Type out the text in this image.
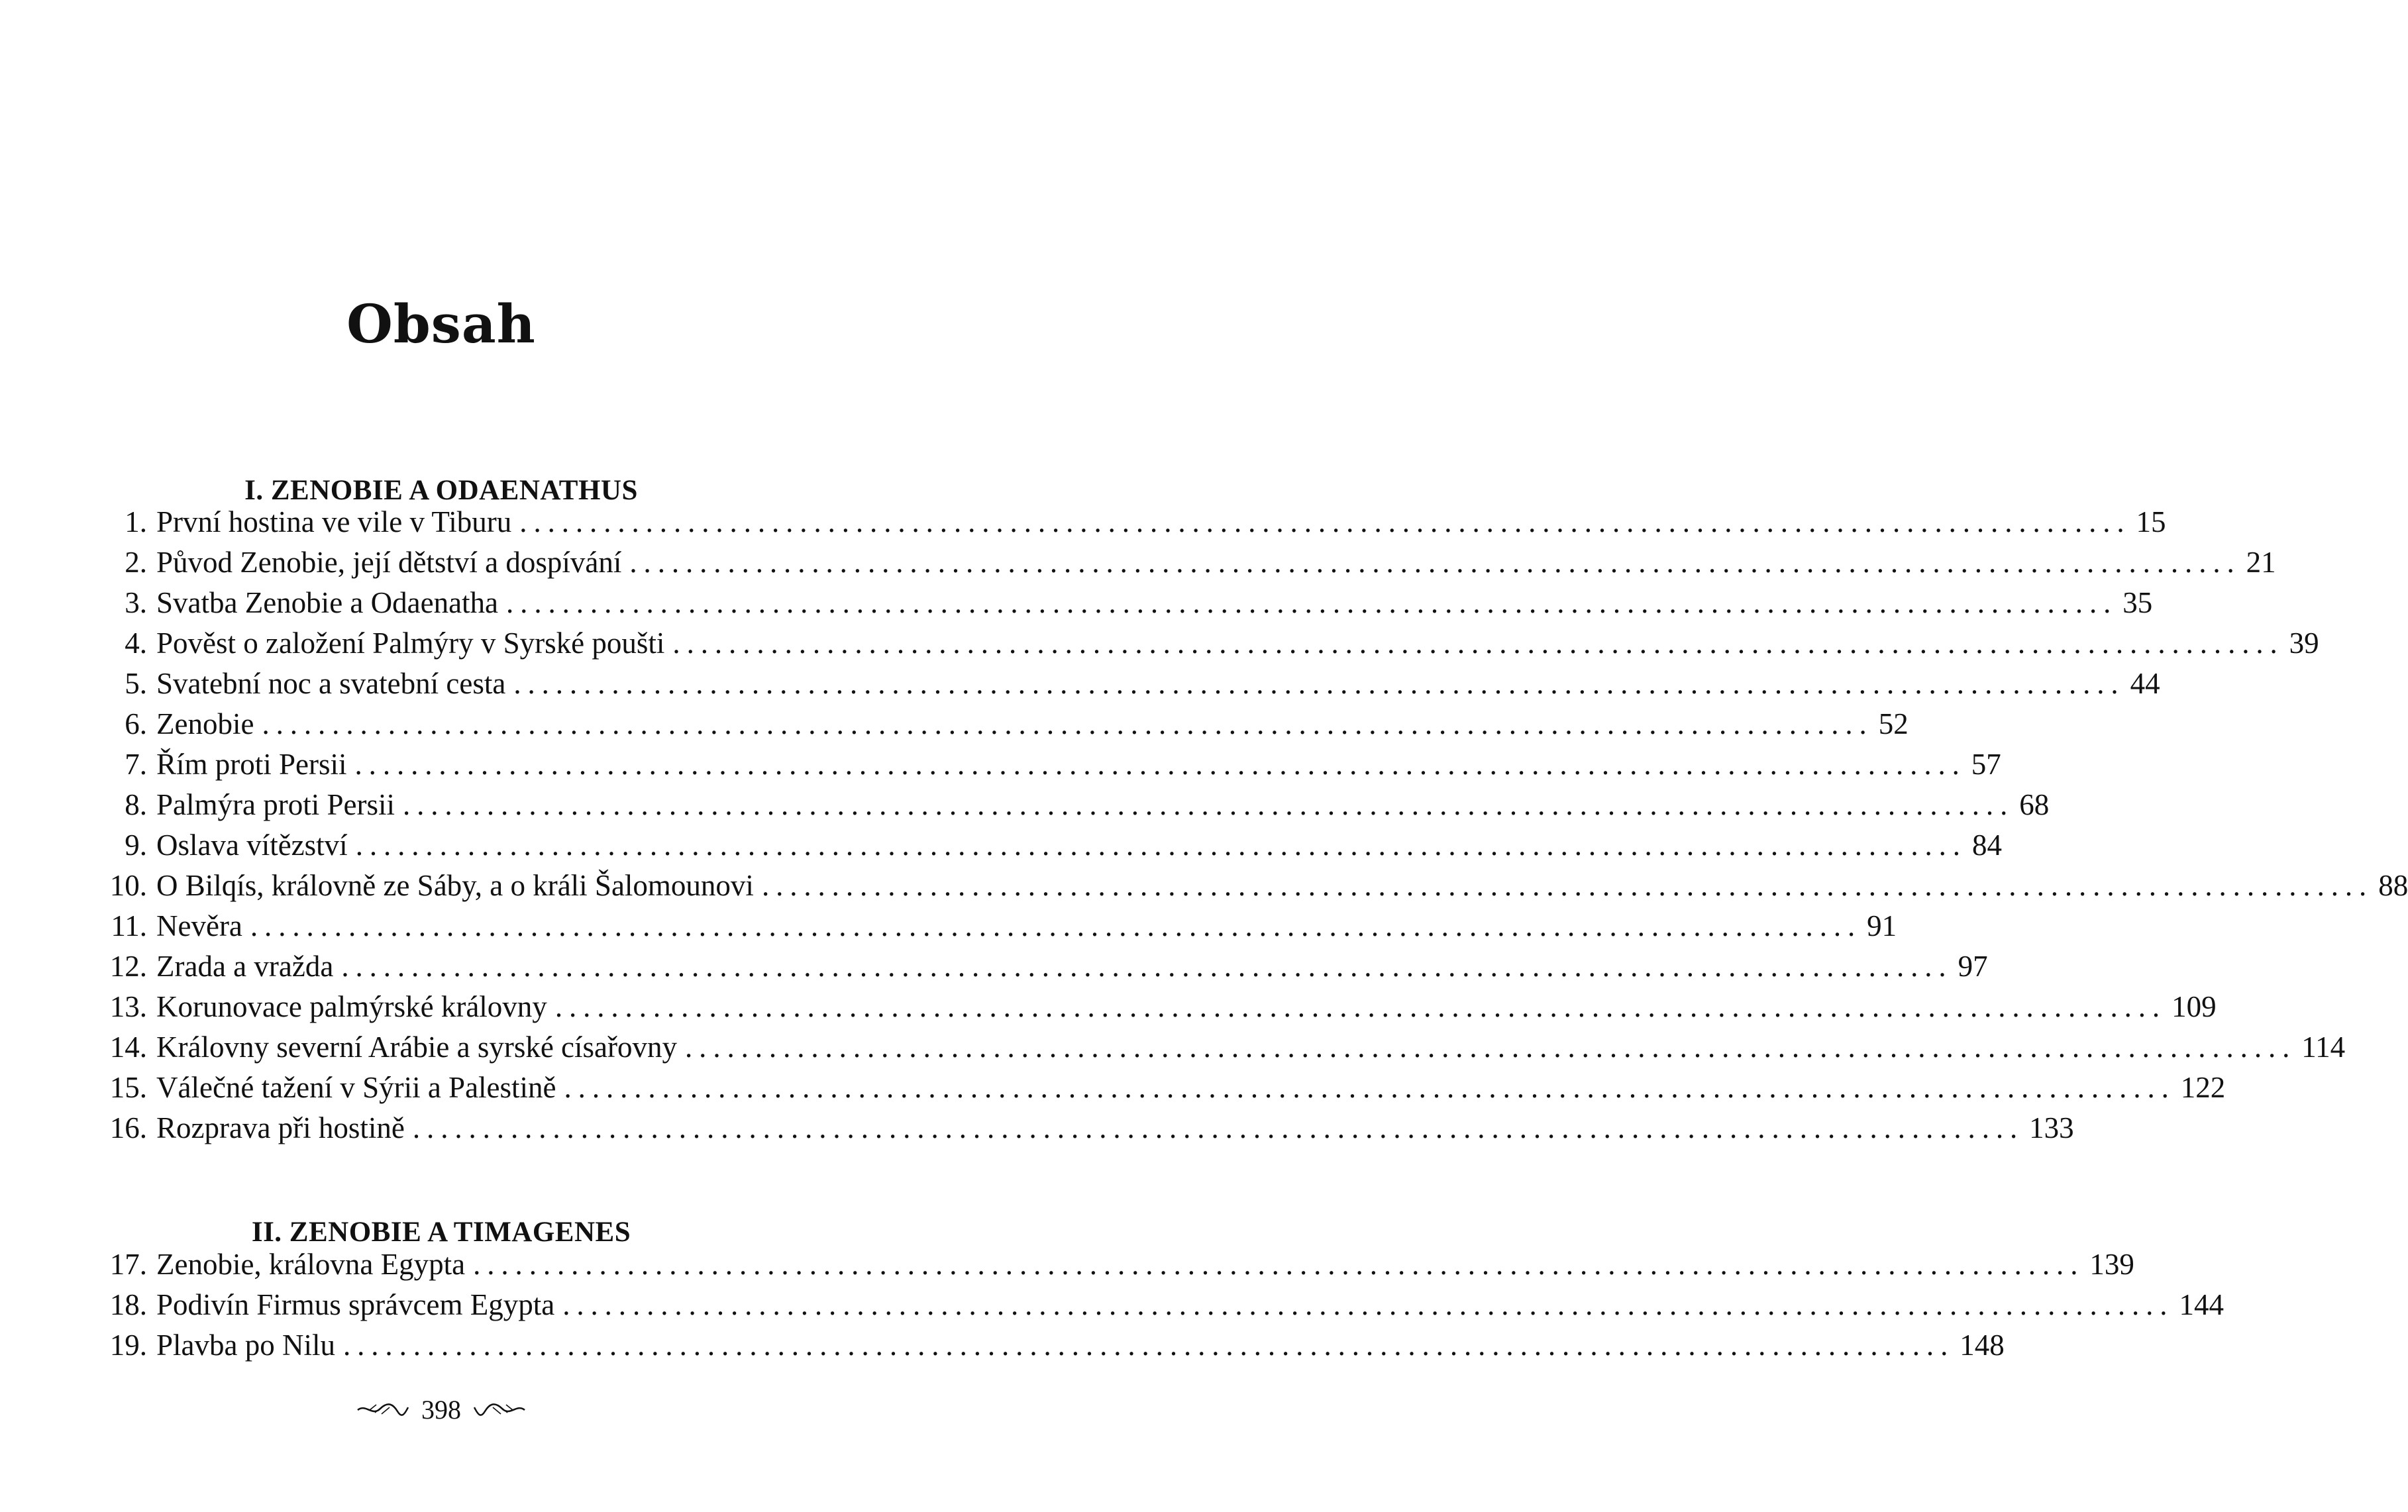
Obsah
I. ZENOBIE A ODAENATHUS
1 . První hostina ve vile v Tiburu .....	15
2 . Původ Zenobie, její dětství a dospívání .....	21
3 . Svatba Zenobie a Odaenatha .....	35
4 . Pověst o založení Palmýry v Syrské poušti .....	39
5 . Svatební noc a svatební cesta .....	44
6 . Zenobie .....	52
7 . Řím proti Persii .....	57
8 . Palmýra proti Persii .....	68
9 . Oslava vítězství .....	84
10 . O Bilqís, královně ze Sáby, a o králi Šalomounovi .....	88
11 . Nevěra .....	91
12 . Zrada a vražda .....	97
13 . Korunovace palmýrské královny .....	109
14 . Královny severní Arábie a syrské císařovny .....	114
15 . Válečné tažení v Sýrii a Palestině .....	122
16 . Rozprava při hostině .....	133
II. ZENOBIE A TIMAGENES
17 . Zenobie, královna Egypta .....	139
18 . Podivín Firmus správcem Egypta .....	144
19 . Plavba po Nilu .....	148
398
